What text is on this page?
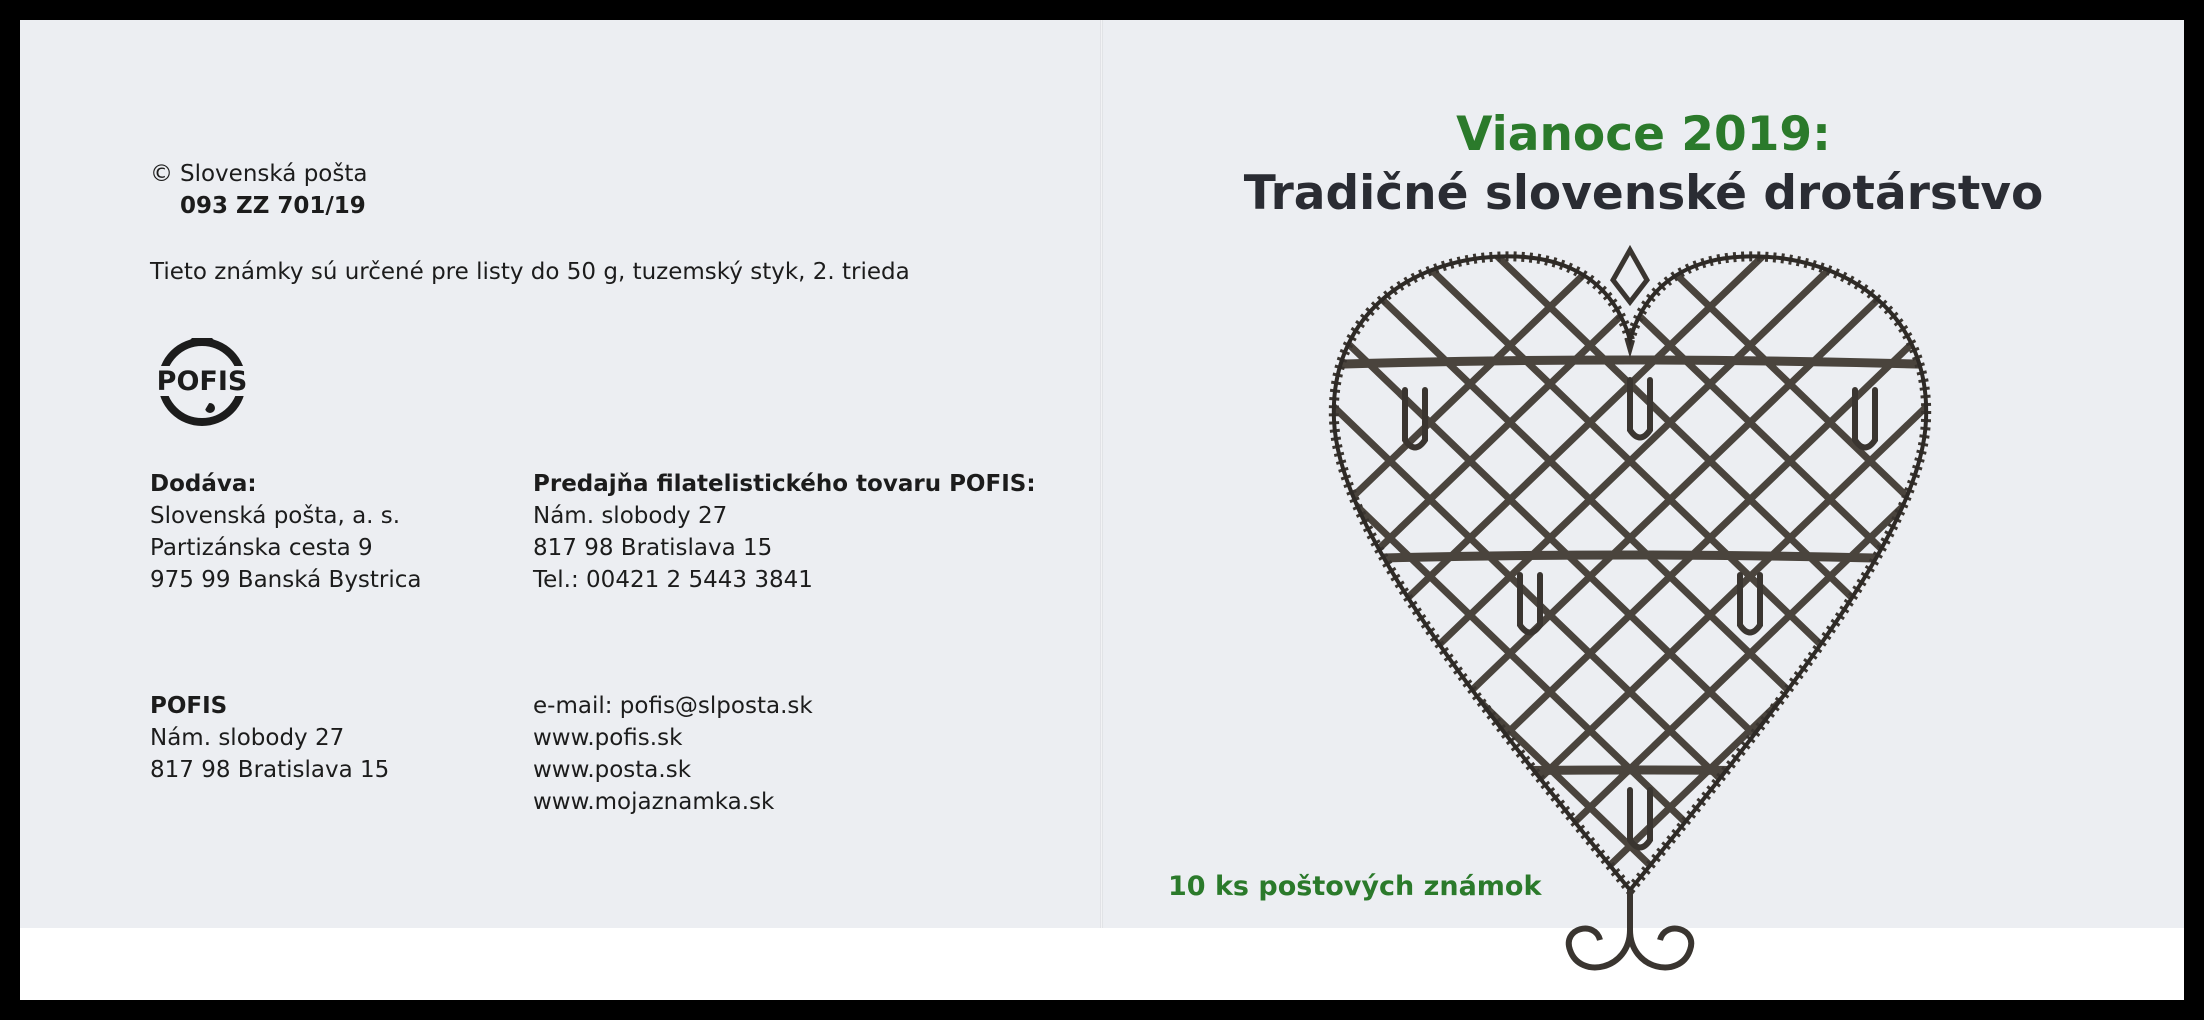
© Slovenská pošta
093 ZZ 701/19
Tieto známky sú určené pre listy do 50 g, tuzemský styk, 2. trieda
POFIS
Dodáva:
Slovenská pošta, a. s.
Partizánska cesta 9
975 99 Banská Bystrica
Predajňa filatelistického tovaru POFIS:
Nám. slobody 27
817 98 Bratislava 15
Tel.: 00421 2 5443 3841
POFIS
Nám. slobody 27
817 98 Bratislava 15
e-mail: pofis@slposta.sk
www.pofis.sk
www.posta.sk
www.mojaznamka.sk
Vianoce 2019:
Tradičné slovenské drotárstvo
10 ks poštových známok
